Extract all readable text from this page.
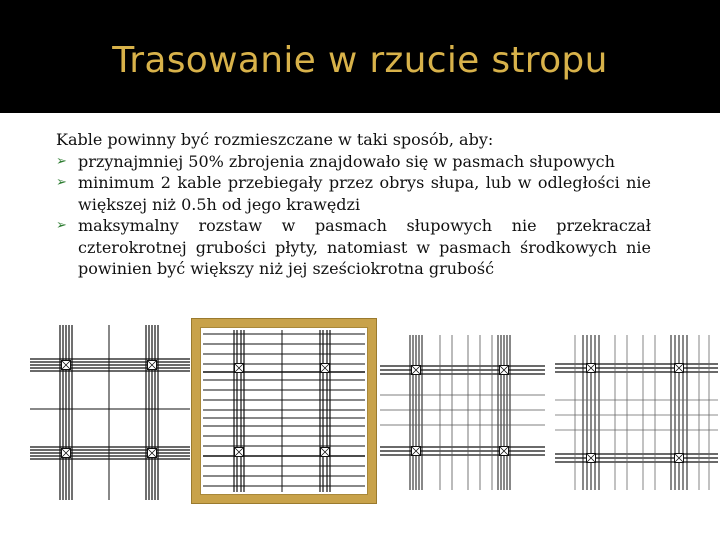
Trasowanie w rzucie stropu

Kable powinny być rozmieszczane w taki sposób, aby:

➢ przynajmniej 50% zbrojenia znajdowało się w pasmach słupowych
➢ minimum 2 kable przebiegały przez obrys słupa, lub w odległości nie większej niż 0.5h od jego krawędzi
➢ maksymalny rozstaw w pasmach słupowych nie przekraczał czterokrotnej grubości płyty, natomiast w pasmach środkowych nie powinien być większy niż jej sześciokrotna grubość
